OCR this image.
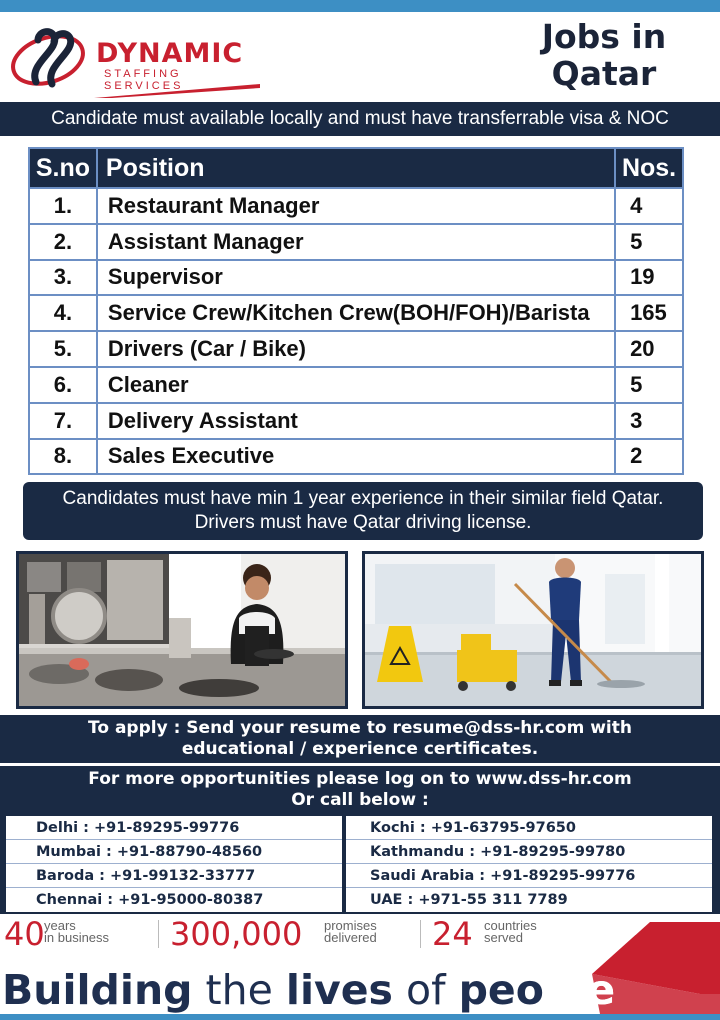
DYNAMIC
STAFFING SERVICES
Jobs in
Qatar
Candidate must available locally and must have transferrable visa & NOC
S.no	Position	Nos.
1.	Restaurant Manager	4
2.	Assistant Manager	5
3.	Supervisor	19
4.	Service Crew/Kitchen Crew(BOH/FOH)/Barista	165
5.	Drivers (Car / Bike)	20
6.	Cleaner	5
7.	Delivery Assistant	3
8.	Sales Executive	2
Candidates must have min 1 year experience in their similar field Qatar.
Drivers must have Qatar driving license.
To apply : Send your resume to resume@dss-hr.com with
educational / experience certificates.
For more opportunities please log on to www.dss-hr.com
Or call below :
Delhi : +91-89295-99776
Mumbai : +91-88790-48560
Baroda : +91-99132-33777
Chennai : +91-95000-80387
Kochi : +91-63795-97650
Kathmandu : +91-89295-99780
Saudi Arabia : +91-89295-99776
UAE : +971-55 311 7789
40 years
in business 300,000 promises
delivered 24 countries
served
Building the lives of people
